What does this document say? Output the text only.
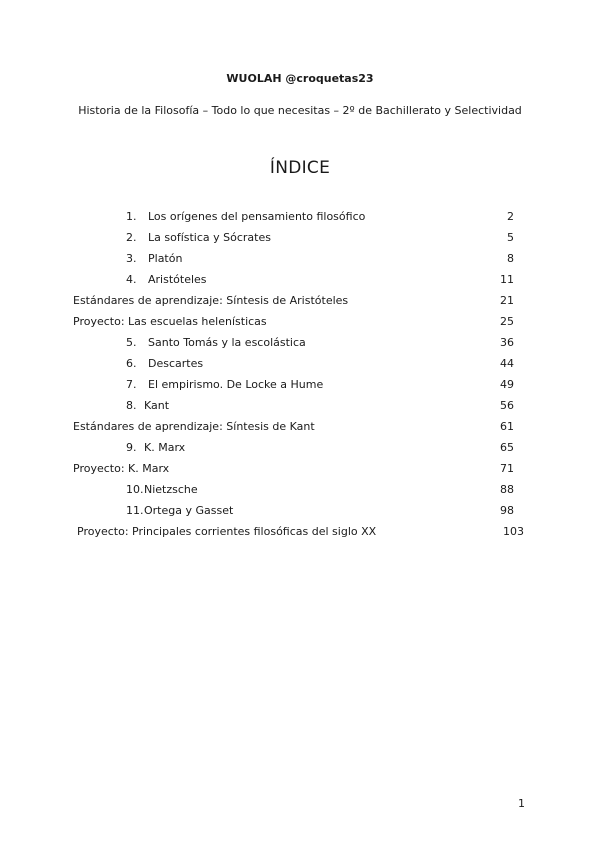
WUOLAH @croquetas23
Historia de la Filosofía – Todo lo que necesitas – 2º de Bachillerato y Selectividad
ÍNDICE
1. Los orígenes del pensamiento filosófico	2
2. La sofística y Sócrates	5
3. Platón	8
4. Aristóteles	11
Estándares de aprendizaje: Síntesis de Aristóteles	21
Proyecto: Las escuelas helenísticas	25
5. Santo Tomás y la escolástica	36
6. Descartes	44
7. El empirismo. De Locke a Hume	49
8. Kant	56
Estándares de aprendizaje: Síntesis de Kant	61
9. K. Marx	65
Proyecto: K. Marx	71
10. Nietzsche	88
11. Ortega y Gasset	98
Proyecto: Principales corrientes filosóficas del siglo XX	103
1
